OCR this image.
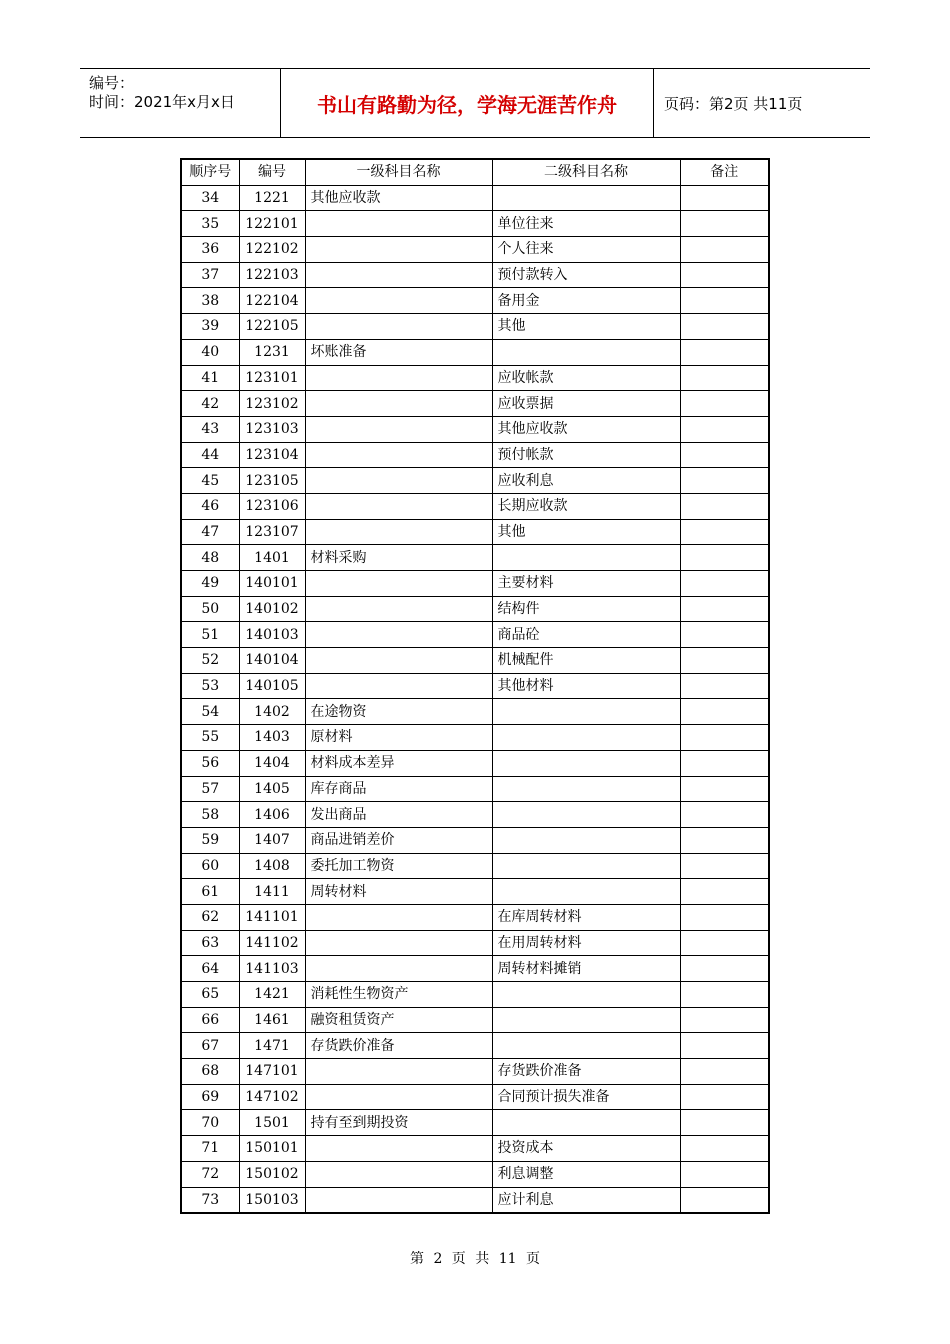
编号：
时间：2021年x月x日	书山有路勤为径，学海无涯苦作舟	页码：第2页 共11页
顺序号	编号	一级科目名称	二级科目名称	备注
34	1221	其他应收款		
35	122101		单位往来	
36	122102		个人往来	
37	122103		预付款转入	
38	122104		备用金	
39	122105		其他	
40	1231	坏账准备		
41	123101		应收帐款	
42	123102		应收票据	
43	123103		其他应收款	
44	123104		预付帐款	
45	123105		应收利息	
46	123106		长期应收款	
47	123107		其他	
48	1401	材料采购		
49	140101		主要材料	
50	140102		结构件	
51	140103		商品砼	
52	140104		机械配件	
53	140105		其他材料	
54	1402	在途物资		
55	1403	原材料		
56	1404	材料成本差异		
57	1405	库存商品		
58	1406	发出商品		
59	1407	商品进销差价		
60	1408	委托加工物资		
61	1411	周转材料		
62	141101		在库周转材料	
63	141102		在用周转材料	
64	141103		周转材料摊销	
65	1421	消耗性生物资产		
66	1461	融资租赁资产		
67	1471	存货跌价准备		
68	147101		存货跌价准备	
69	147102		合同预计损失准备	
70	1501	持有至到期投资		
71	150101		投资成本	
72	150102		利息调整	
73	150103		应计利息	
第 2 页 共 11 页
